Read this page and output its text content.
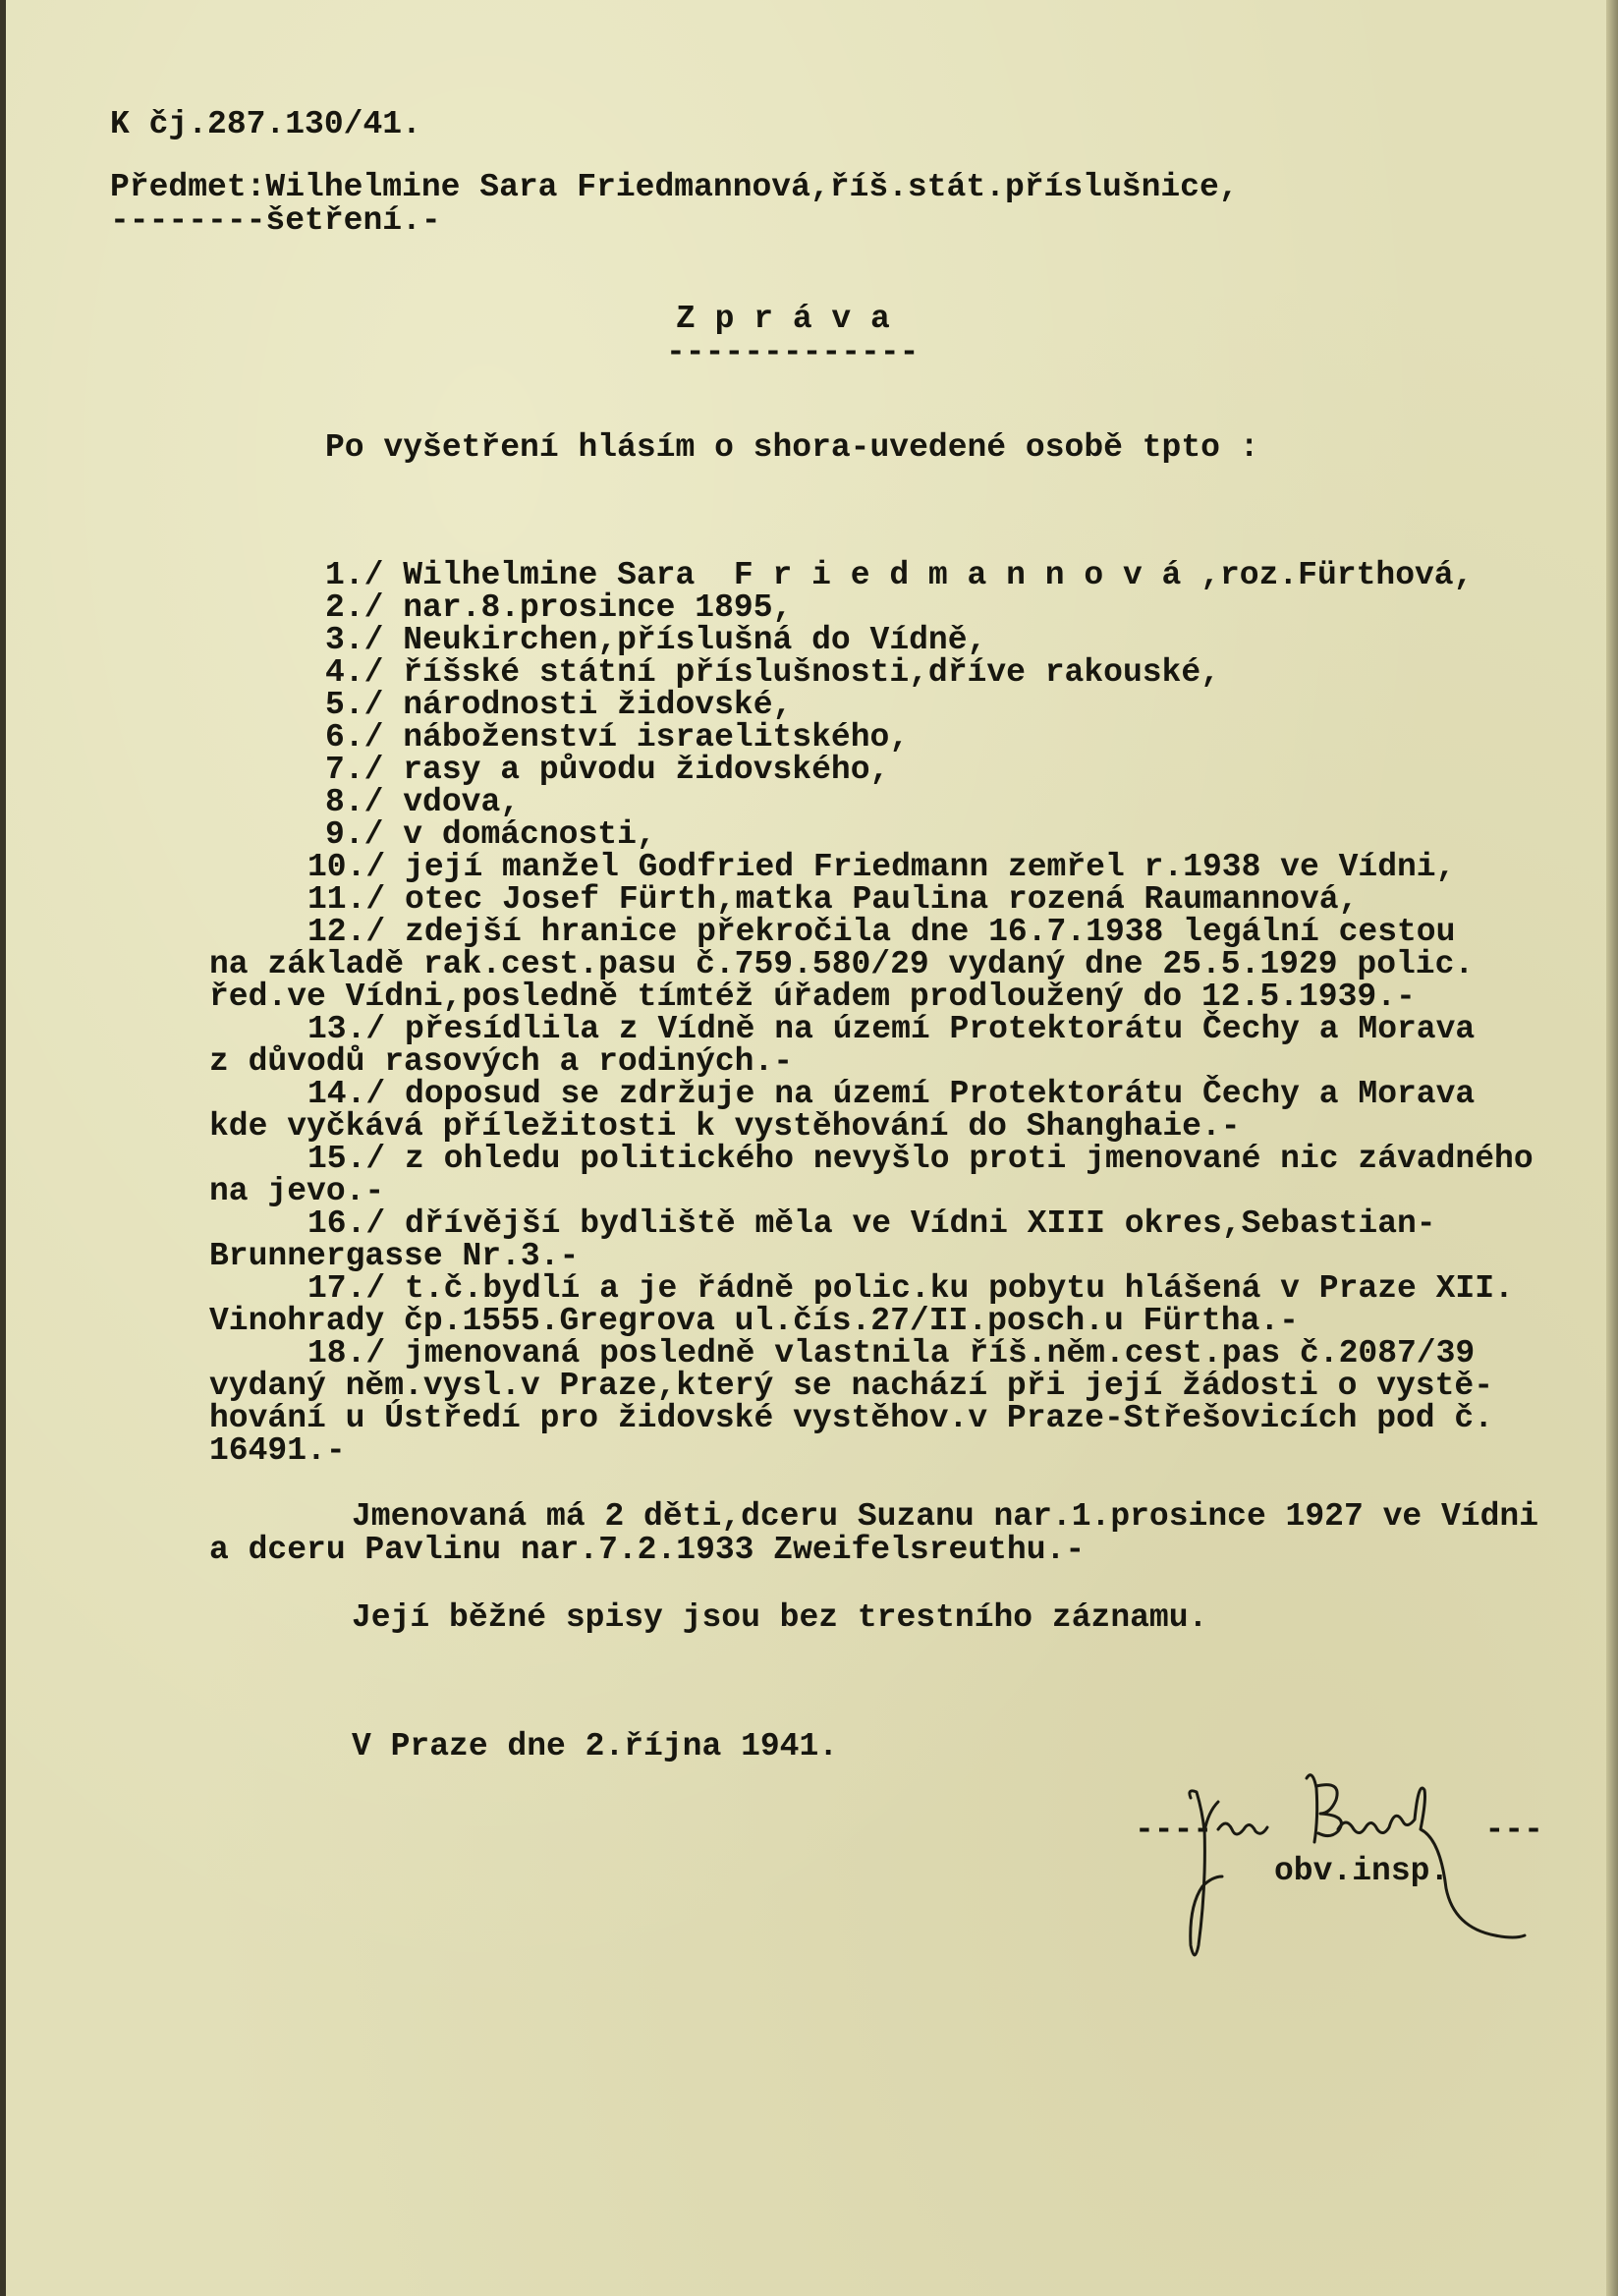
K čj.287.130/41.
Předmet:Wilhelmine Sara Friedmannová,říš.stát.příslušnice,
--------šetření.-
Z p r á v a
-------------
Po vyšetření hlásím o shora-uvedené osobě tpto :
1./ Wilhelmine Sara  F r i e d m a n n o v á ,roz.Fürthová,
2./ nar.8.prosince 1895,
3./ Neukirchen,příslušná do Vídně,
4./ říšské státní příslušnosti,dříve rakouské,
5./ národnosti židovské,
6./ náboženství israelitského,
7./ rasy a původu židovského,
8./ vdova,
9./ v domácnosti,
10./ její manžel Godfried Friedmann zemřel r.1938 ve Vídni,
11./ otec Josef Fürth,matka Paulina rozená Raumannová,
12./ zdejší hranice překročila dne 16.7.1938 legální cestou
na základě rak.cest.pasu č.759.580/29 vydaný dne 25.5.1929 polic.
řed.ve Vídni,posledně tímtéž úřadem prodloužený do 12.5.1939.-
13./ přesídlila z Vídně na území Protektorátu Čechy a Morava
z důvodů rasových a rodiných.-
14./ doposud se zdržuje na území Protektorátu Čechy a Morava
kde vyčkává příležitosti k vystěhování do Shanghaie.-
15./ z ohledu politického nevyšlo proti jmenované nic závadného
na jevo.-
16./ dřívější bydliště měla ve Vídni XIII okres,Sebastian-
Brunnergasse Nr.3.-
17./ t.č.bydlí a je řádně polic.ku pobytu hlášená v Praze XII.
Vinohrady čp.1555.Gregrova ul.čís.27/II.posch.u Fürtha.-
18./ jmenovaná posledně vlastnila říš.něm.cest.pas č.2087/39
vydaný něm.vysl.v Praze,který se nachází při její žádosti o vystě-
hování u Ústředí pro židovské vystěhov.v Praze-Střešovicích pod č.
16491.-
Jmenovaná má 2 děti,dceru Suzanu nar.1.prosince 1927 ve Vídni
a dceru Pavlinu nar.7.2.1933 Zweifelsreuthu.-
Její běžné spisy jsou bez trestního záznamu.
V Praze dne 2.října 1941.
----              ---
obv.insp.
